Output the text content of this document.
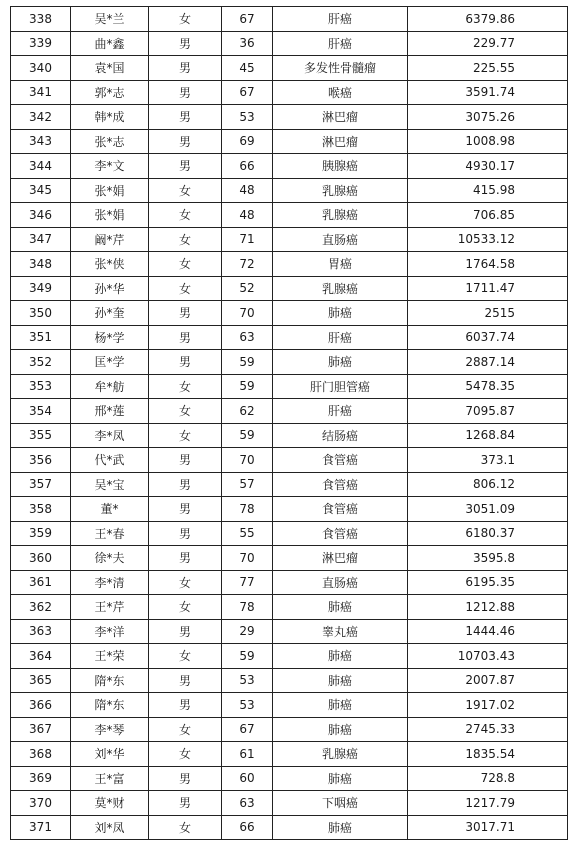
338	吴*兰	女	67	肝癌	6379.86
339	曲*鑫	男	36	肝癌	229.77
340	袁*国	男	45	多发性骨髓瘤	225.55
341	郭*志	男	67	喉癌	3591.74
342	韩*成	男	53	淋巴瘤	3075.26
343	张*志	男	69	淋巴瘤	1008.98
344	李*文	男	66	胰腺癌	4930.17
345	张*娟	女	48	乳腺癌	415.98
346	张*娟	女	48	乳腺癌	706.85
347	阚*芹	女	71	直肠癌	10533.12
348	张*侠	女	72	胃癌	1764.58
349	孙*华	女	52	乳腺癌	1711.47
350	孙*奎	男	70	肺癌	2515
351	杨*学	男	63	肝癌	6037.74
352	匡*学	男	59	肺癌	2887.14
353	牟*舫	女	59	肝门胆管癌	5478.35
354	邢*莲	女	62	肝癌	7095.87
355	李*凤	女	59	结肠癌	1268.84
356	代*武	男	70	食管癌	373.1
357	吴*宝	男	57	食管癌	806.12
358	董*	男	78	食管癌	3051.09
359	王*春	男	55	食管癌	6180.37
360	徐*夫	男	70	淋巴瘤	3595.8
361	李*清	女	77	直肠癌	6195.35
362	王*芹	女	78	肺癌	1212.88
363	李*洋	男	29	睾丸癌	1444.46
364	王*荣	女	59	肺癌	10703.43
365	隋*东	男	53	肺癌	2007.87
366	隋*东	男	53	肺癌	1917.02
367	李*琴	女	67	肺癌	2745.33
368	刘*华	女	61	乳腺癌	1835.54
369	王*富	男	60	肺癌	728.8
370	莫*财	男	63	下咽癌	1217.79
371	刘*凤	女	66	肺癌	3017.71
